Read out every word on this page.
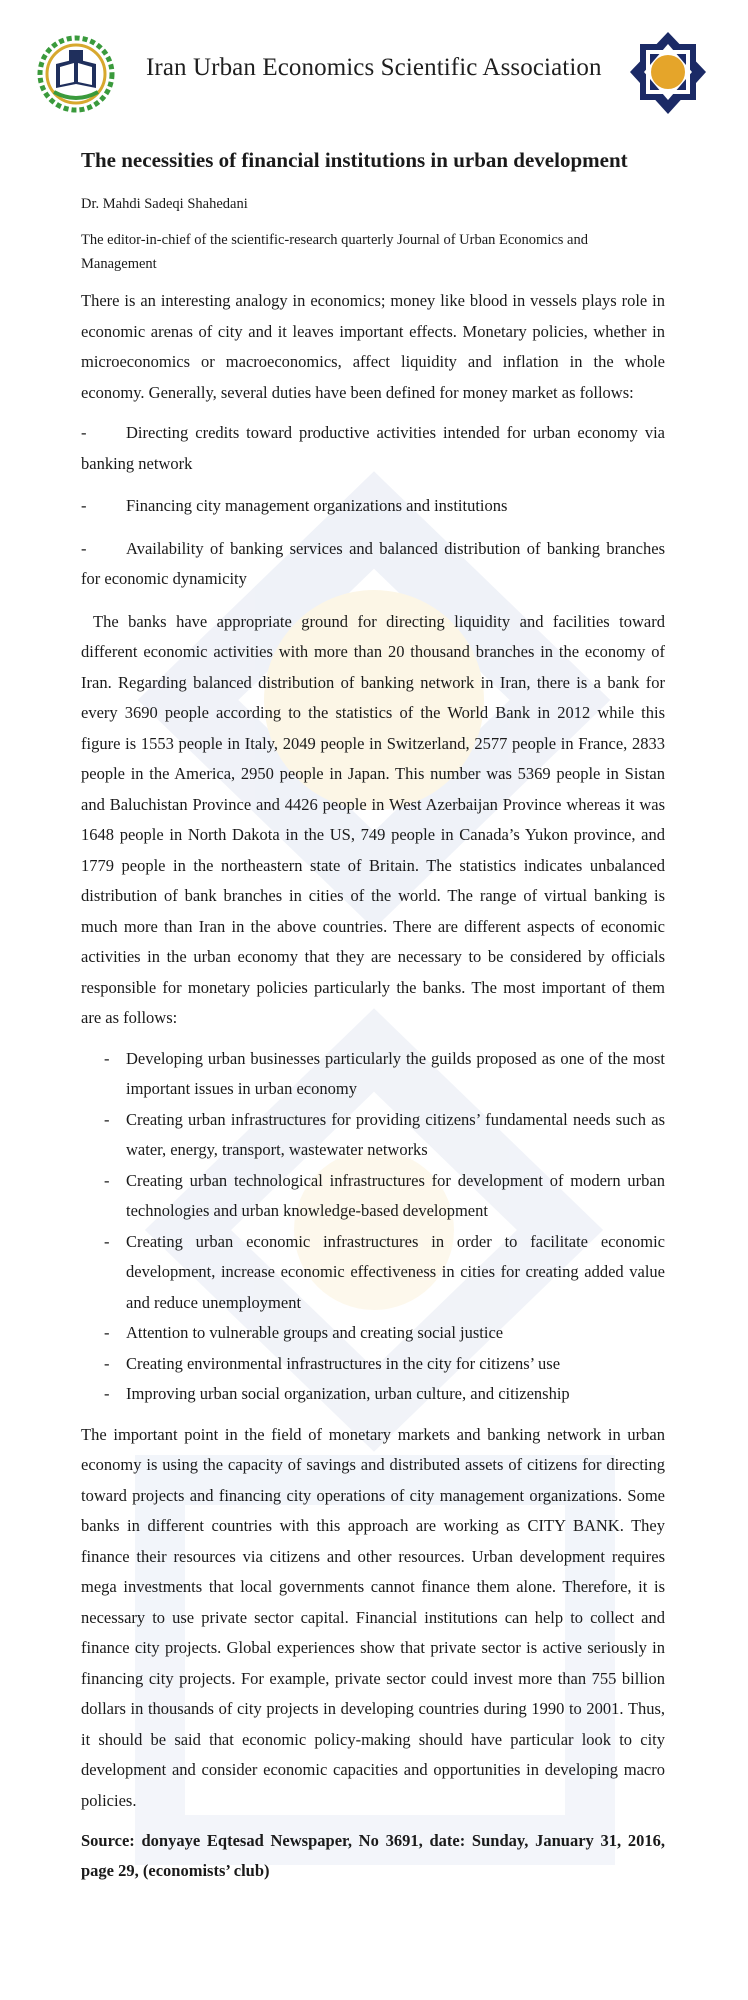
Iran Urban Economics Scientific Association
The necessities of financial institutions in urban development
Dr. Mahdi Sadeqi Shahedani
The editor-in-chief of the scientific-research quarterly Journal of Urban Economics and Management

There is an interesting analogy in economics; money like blood in vessels plays role in economic arenas of city and it leaves important effects. Monetary policies, whether in microeconomics or macroeconomics, affect liquidity and inflation in the whole economy. Generally, several duties have been defined for money market as follows:

- Directing credits toward productive activities intended for urban economy via banking network
- Financing city management organizations and institutions
- Availability of banking services and balanced distribution of banking branches for economic dynamicity

The banks have appropriate ground for directing liquidity and facilities toward different economic activities with more than 20 thousand branches in the economy of Iran. Regarding balanced distribution of banking network in Iran, there is a bank for every 3690 people according to the statistics of the World Bank in 2012 while this figure is 1553 people in Italy, 2049 people in Switzerland, 2577 people in France, 2833 people in the America, 2950 people in Japan. This number was 5369 people in Sistan and Baluchistan Province and 4426 people in West Azerbaijan Province whereas it was 1648 people in North Dakota in the US, 749 people in Canada’s Yukon province, and 1779 people in the northeastern state of Britain. The statistics indicates unbalanced distribution of bank branches in cities of the world. The range of virtual banking is much more than Iran in the above countries. There are different aspects of economic activities in the urban economy that they are necessary to be considered by officials responsible for monetary policies particularly the banks. The most important of them are as follows:

- Developing urban businesses particularly the guilds proposed as one of the most important issues in urban economy
- Creating urban infrastructures for providing citizens’ fundamental needs such as water, energy, transport, wastewater networks
- Creating urban technological infrastructures for development of modern urban technologies and urban knowledge-based development
- Creating urban economic infrastructures in order to facilitate economic development, increase economic effectiveness in cities for creating added value and reduce unemployment
- Attention to vulnerable groups and creating social justice
- Creating environmental infrastructures in the city for citizens’ use
- Improving urban social organization, urban culture, and citizenship

The important point in the field of monetary markets and banking network in urban economy is using the capacity of savings and distributed assets of citizens for directing toward projects and financing city operations of city management organizations. Some banks in different countries with this approach are working as CITY BANK. They finance their resources via citizens and other resources. Urban development requires mega investments that local governments cannot finance them alone. Therefore, it is necessary to use private sector capital. Financial institutions can help to collect and finance city projects. Global experiences show that private sector is active seriously in financing city projects. For example, private sector could invest more than 755 billion dollars in thousands of city projects in developing countries during 1990 to 2001. Thus, it should be said that economic policy-making should have particular look to city development and consider economic capacities and opportunities in developing macro policies.

Source: donyaye Eqtesad Newspaper, No 3691, date: Sunday, January 31, 2016, page 29, (economists’ club)
